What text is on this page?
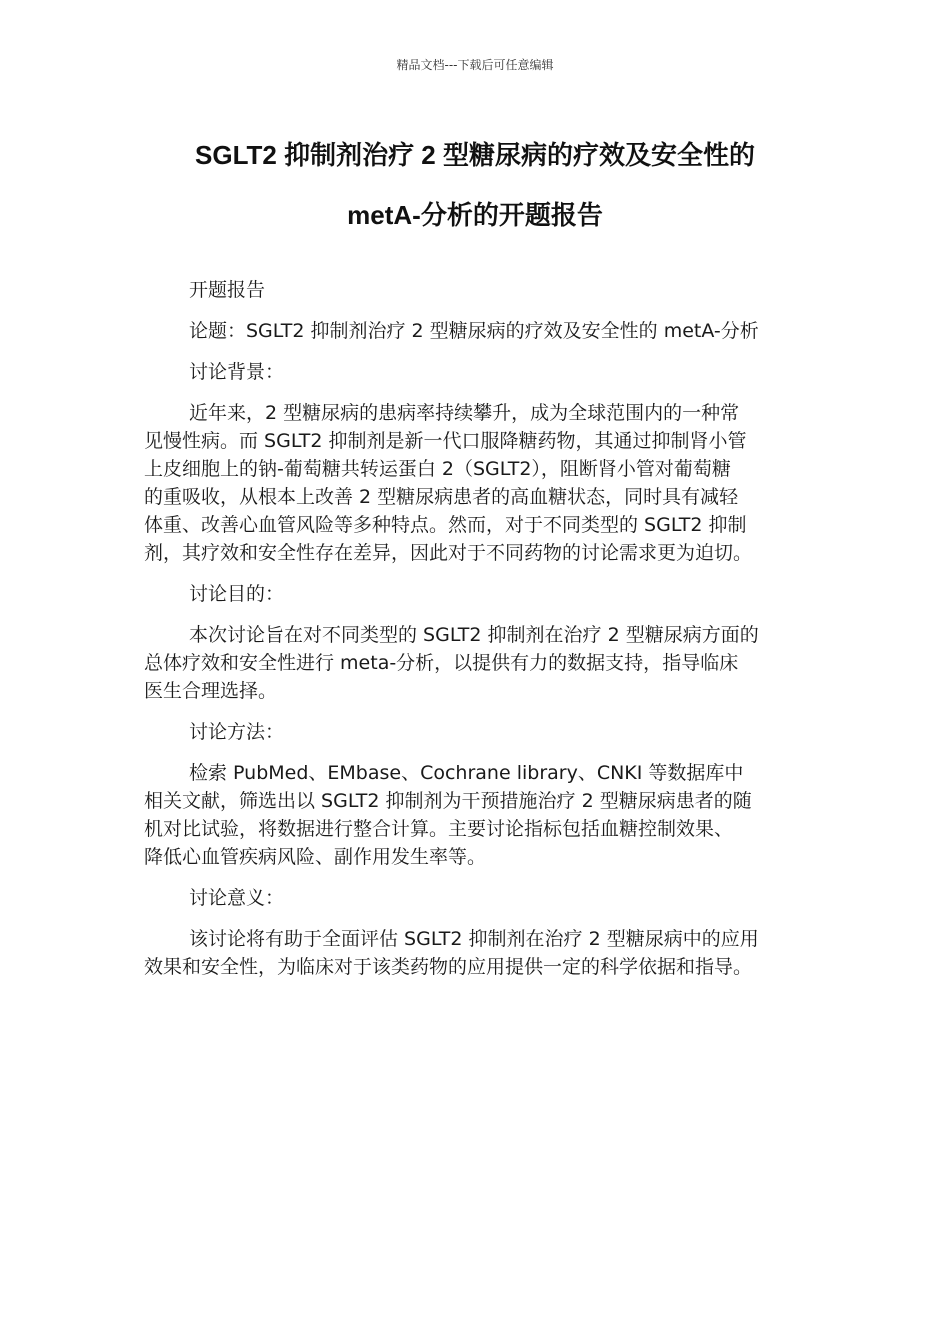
精品文档---下载后可任意编辑
SGLT2 抑制剂治疗 2 型糖尿病的疗效及安全性的
metA-分析的开题报告
开题报告
论题：SGLT2 抑制剂治疗 2 型糖尿病的疗效及安全性的 metA-分析
讨论背景：
近年来，2 型糖尿病的患病率持续攀升，成为全球范围内的一种常
见慢性病。而 SGLT2 抑制剂是新一代口服降糖药物，其通过抑制肾小管
上皮细胞上的钠-葡萄糖共转运蛋白 2（SGLT2），阻断肾小管对葡萄糖
的重吸收，从根本上改善 2 型糖尿病患者的高血糖状态，同时具有减轻
体重、改善心血管风险等多种特点。然而，对于不同类型的 SGLT2 抑制
剂，其疗效和安全性存在差异，因此对于不同药物的讨论需求更为迫切。
讨论目的：
本次讨论旨在对不同类型的 SGLT2 抑制剂在治疗 2 型糖尿病方面的
总体疗效和安全性进行 meta-分析，以提供有力的数据支持，指导临床
医生合理选择。
讨论方法：
检索 PubMed、EMbase、Cochrane library、CNKI 等数据库中
相关文献，筛选出以 SGLT2 抑制剂为干预措施治疗 2 型糖尿病患者的随
机对比试验，将数据进行整合计算。主要讨论指标包括血糖控制效果、
降低心血管疾病风险、副作用发生率等。
讨论意义：
该讨论将有助于全面评估 SGLT2 抑制剂在治疗 2 型糖尿病中的应用
效果和安全性，为临床对于该类药物的应用提供一定的科学依据和指导。
